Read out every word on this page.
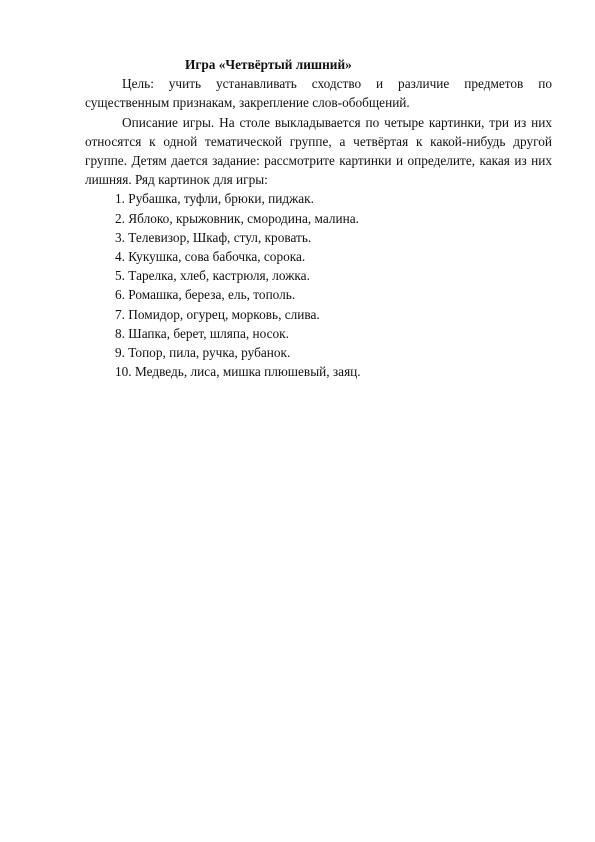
Игра «Четвёртый лишний»

Цель: учить устанавливать сходство и различие предметов по существенным признакам, закрепление слов-обобщений.

Описание игры. На столе выкладывается по четыре картинки, три из них относятся к одной тематической группе, а четвёртая к какой-нибудь другой группе. Детям дается задание: рассмотрите картинки и определите, какая из них лишняя. Ряд картинок для игры:

1. Рубашка, туфли, брюки, пиджак.
2. Яблоко, крыжовник, смородина, малина.
3. Телевизор, Шкаф, стул, кровать.
4. Кукушка, сова бабочка, сорока.
5. Тарелка, хлеб, кастрюля, ложка.
6. Ромашка, береза, ель, тополь.
7. Помидор, огурец, морковь, слива.
8. Шапка, берет, шляпа, носок.
9. Топор, пила, ручка, рубанок.
10. Медведь, лиса, мишка плюшевый, заяц.
